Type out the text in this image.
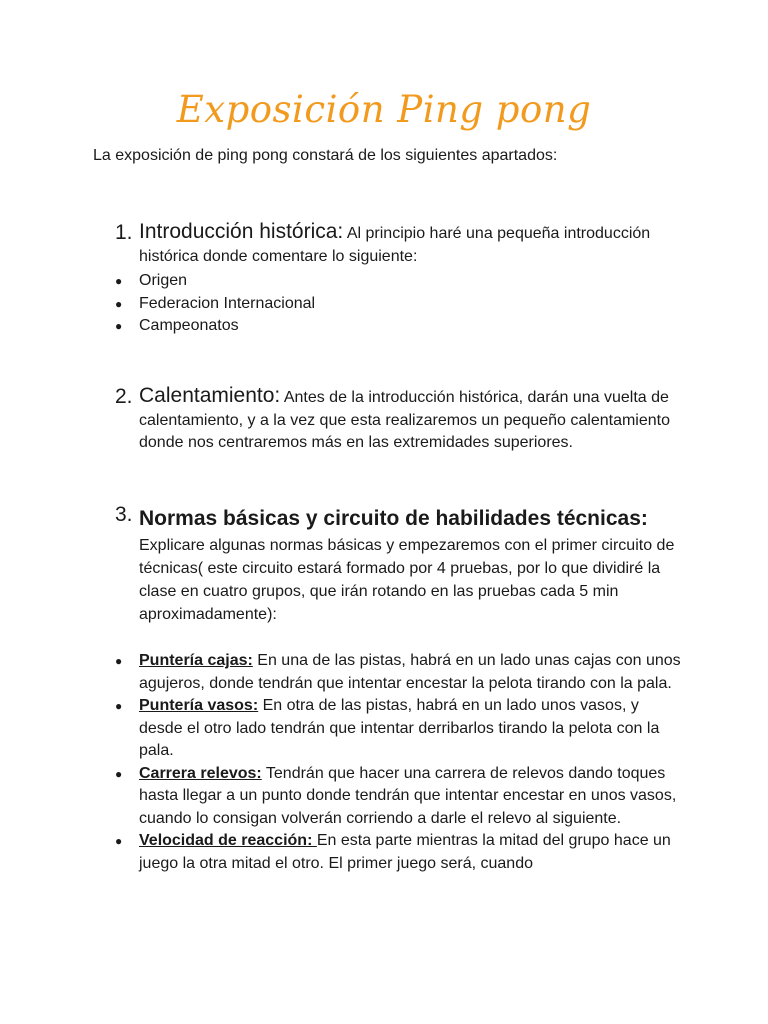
Exposición Ping pong
La exposición de ping pong constará de los siguientes apartados:
1. Introducción histórica: Al principio haré una pequeña introducción histórica donde comentare lo siguiente:
● Origen
● Federacion Internacional
● Campeonatos
2. Calentamiento: Antes de la introducción histórica, darán una vuelta de calentamiento, y a la vez que esta realizaremos un pequeño calentamiento donde nos centraremos más en las extremidades superiores.
3. Normas básicas y circuito de habilidades técnicas: Explicare algunas normas básicas y empezaremos con el primer circuito de técnicas( este circuito estará formado por 4 pruebas, por lo que dividiré la clase en cuatro grupos, que irán rotando en las pruebas cada 5 min aproximadamente):
● Puntería cajas: En una de las pistas, habrá en un lado unas cajas con unos agujeros, donde tendrán que intentar encestar la pelota tirando con la pala.
● Puntería vasos: En otra de las pistas, habrá en un lado unos vasos, y desde el otro lado tendrán que intentar derribarlos tirando la pelota con la pala.
● Carrera relevos: Tendrán que hacer una carrera de relevos dando toques hasta llegar a un punto donde tendrán que intentar encestar en unos vasos, cuando lo consigan volverán corriendo a darle el relevo al siguiente.
● Velocidad de reacción: En esta parte mientras la mitad del grupo hace un juego la otra mitad el otro. El primer juego será, cuando
